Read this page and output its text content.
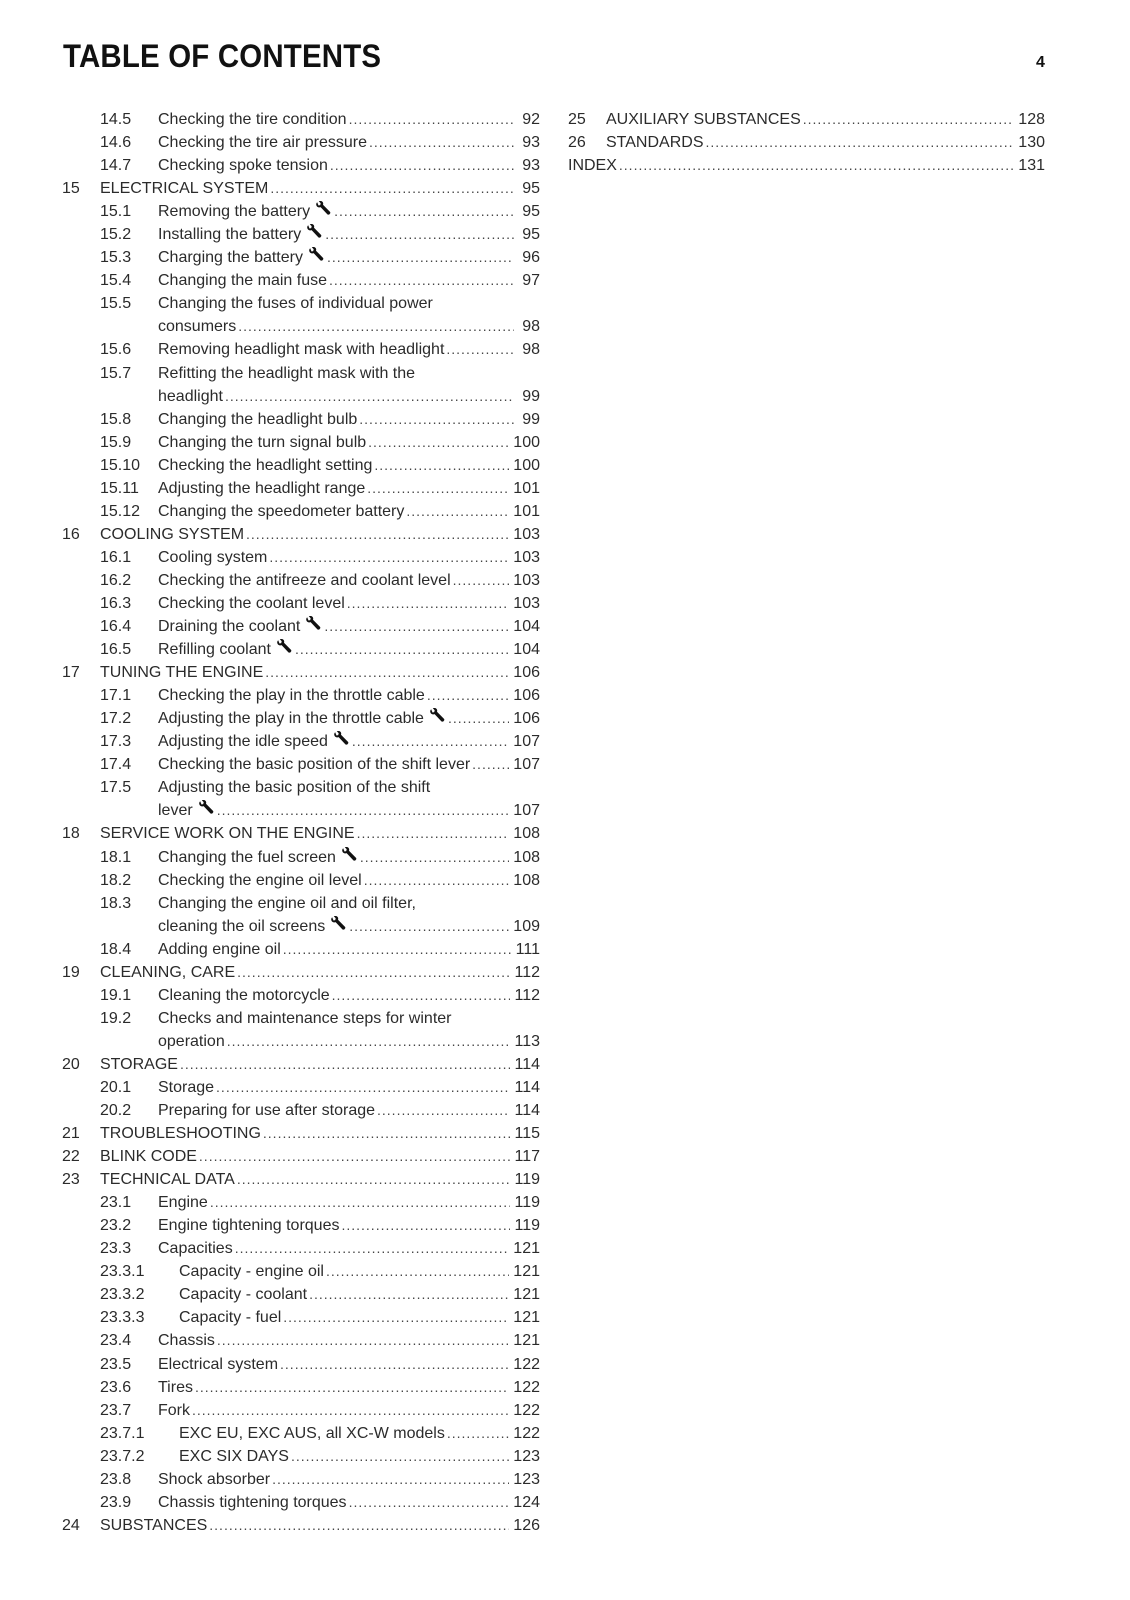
TABLE OF CONTENTS	4
14.5	Checking the tire condition .....	92
14.6	Checking the tire air pressure .....	93
14.7	Checking spoke tension .....	93
15	ELECTRICAL SYSTEM .....	95
15.1	Removing the battery .....	95
15.2	Installing the battery .....	95
15.3	Charging the battery .....	96
15.4	Changing the main fuse .....	97
15.5	Changing the fuses of individual power
consumers .....	98
15.6	Removing headlight mask with headlight .....	98
15.7	Refitting the headlight mask with the
headlight .....	99
15.8	Changing the headlight bulb .....	99
15.9	Changing the turn signal bulb .....	100
15.10	Checking the headlight setting .....	100
15.11	Adjusting the headlight range .....	101
15.12	Changing the speedometer battery .....	101
16	COOLING SYSTEM .....	103
16.1	Cooling system .....	103
16.2	Checking the antifreeze and coolant level .....	103
16.3	Checking the coolant level .....	103
16.4	Draining the coolant .....	104
16.5	Refilling coolant .....	104
17	TUNING THE ENGINE .....	106
17.1	Checking the play in the throttle cable .....	106
17.2	Adjusting the play in the throttle cable .....	106
17.3	Adjusting the idle speed .....	107
17.4	Checking the basic position of the shift lever .....	107
17.5	Adjusting the basic position of the shift
lever .....	107
18	SERVICE WORK ON THE ENGINE .....	108
18.1	Changing the fuel screen .....	108
18.2	Checking the engine oil level .....	108
18.3	Changing the engine oil and oil filter,
cleaning the oil screens .....	109
18.4	Adding engine oil .....	111
19	CLEANING, CARE .....	112
19.1	Cleaning the motorcycle .....	112
19.2	Checks and maintenance steps for winter
operation .....	113
20	STORAGE .....	114
20.1	Storage .....	114
20.2	Preparing for use after storage .....	114
21	TROUBLESHOOTING .....	115
22	BLINK CODE .....	117
23	TECHNICAL DATA .....	119
23.1	Engine .....	119
23.2	Engine tightening torques .....	119
23.3	Capacities .....	121
23.3.1	Capacity - engine oil .....	121
23.3.2	Capacity - coolant .....	121
23.3.3	Capacity - fuel .....	121
23.4	Chassis .....	121
23.5	Electrical system .....	122
23.6	Tires .....	122
23.7	Fork .....	122
23.7.1	EXC EU, EXC AUS, all XC-W models .....	122
23.7.2	EXC SIX DAYS .....	123
23.8	Shock absorber .....	123
23.9	Chassis tightening torques .....	124
24	SUBSTANCES .....	126
25	AUXILIARY SUBSTANCES .....	128
26	STANDARDS .....	130
INDEX .....	131
